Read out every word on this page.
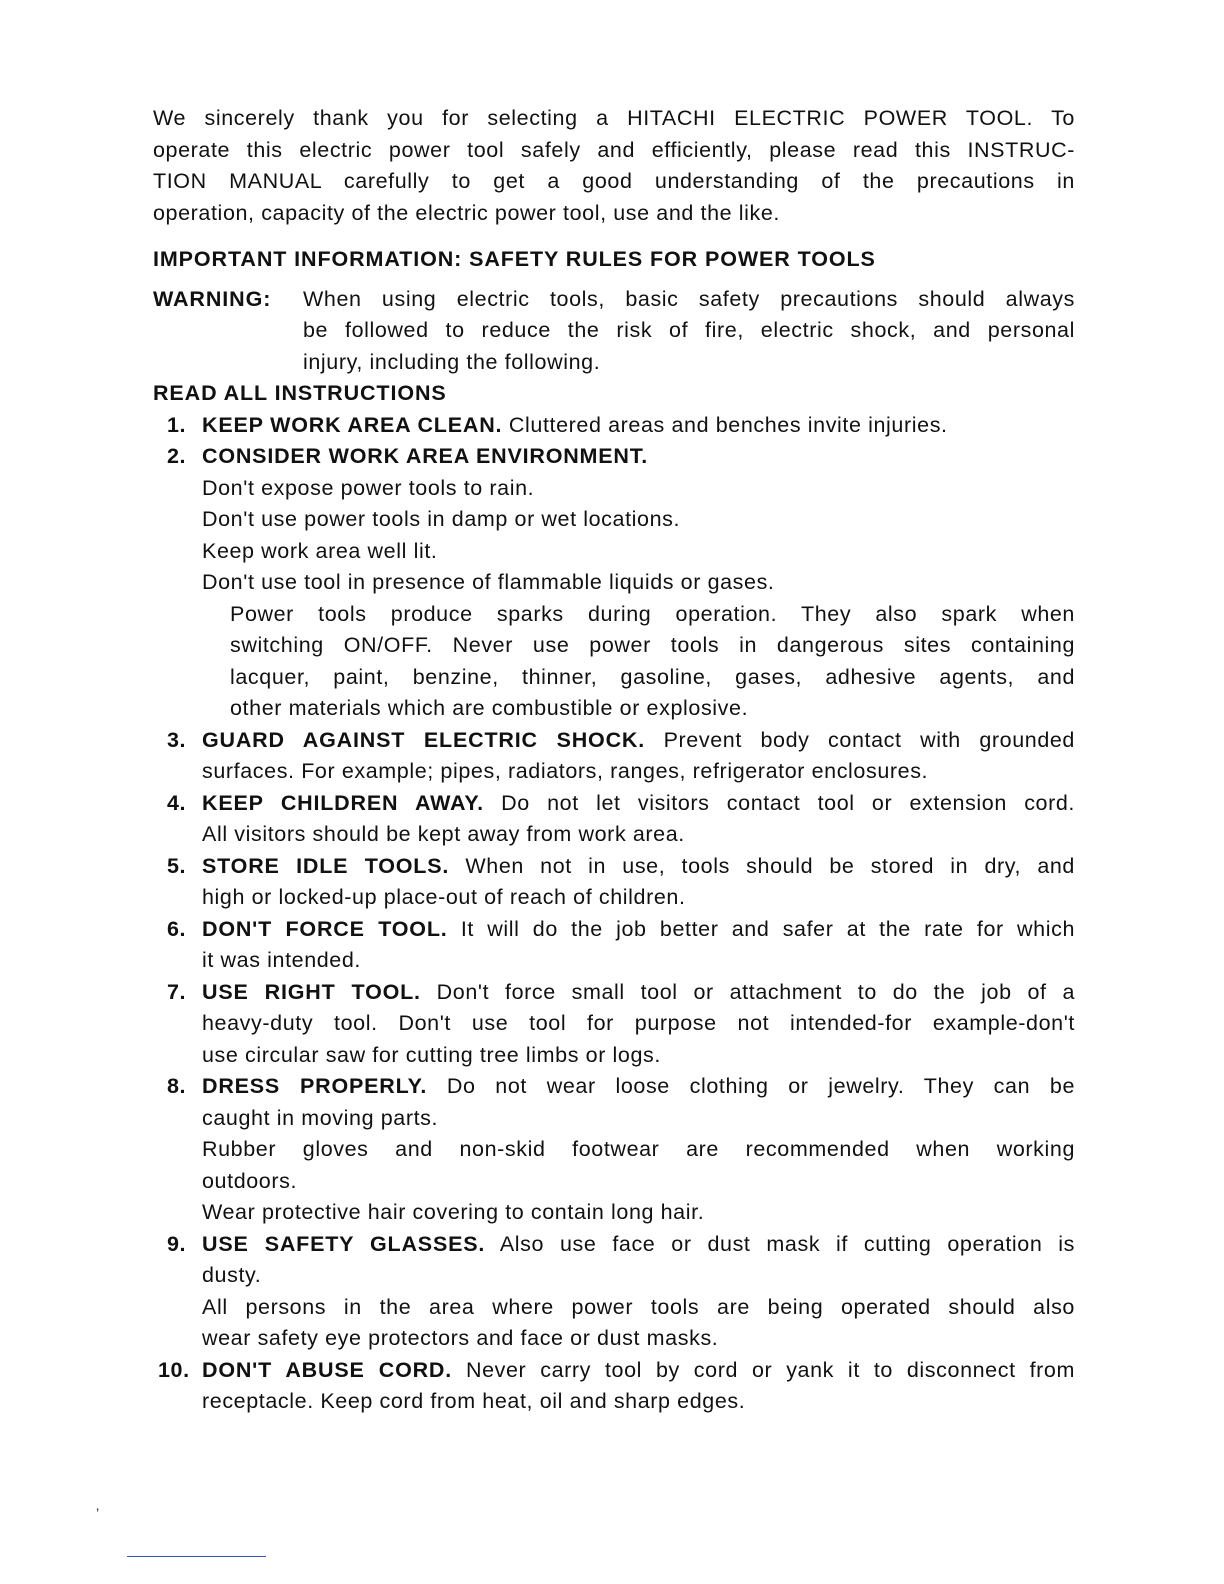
We sincerely thank you for selecting a HITACHI ELECTRIC POWER TOOL. To
operate this electric power tool safely and efficiently, please read this INSTRUC-
TION MANUAL carefully to get a good understanding of the precautions in
operation, capacity of the electric power tool, use and the like.
IMPORTANT INFORMATION: SAFETY RULES FOR POWER TOOLS
WARNING:	When using electric tools, basic safety precautions should always
be followed to reduce the risk of fire, electric shock, and personal
injury, including the following.
READ ALL INSTRUCTIONS
1. KEEP WORK AREA CLEAN. Cluttered areas and benches invite injuries.
2. CONSIDER WORK AREA ENVIRONMENT.
Don't expose power tools to rain.
Don't use power tools in damp or wet locations.
Keep work area well lit.
Don't use tool in presence of flammable liquids or gases.
Power tools produce sparks during operation. They also spark when
switching ON/OFF. Never use power tools in dangerous sites containing
lacquer, paint, benzine, thinner, gasoline, gases, adhesive agents, and
other materials which are combustible or explosive.
3. GUARD AGAINST ELECTRIC SHOCK. Prevent body contact with grounded
surfaces. For example; pipes, radiators, ranges, refrigerator enclosures.
4. KEEP CHILDREN AWAY. Do not let visitors contact tool or extension cord.
All visitors should be kept away from work area.
5. STORE IDLE TOOLS. When not in use, tools should be stored in dry, and
high or locked-up place-out of reach of children.
6. DON'T FORCE TOOL. It will do the job better and safer at the rate for which
it was intended.
7. USE RIGHT TOOL. Don't force small tool or attachment to do the job of a
heavy-duty tool. Don't use tool for purpose not intended-for example-don't
use circular saw for cutting tree limbs or logs.
8. DRESS PROPERLY. Do not wear loose clothing or jewelry. They can be
caught in moving parts.
Rubber gloves and non-skid footwear are recommended when working
outdoors.
Wear protective hair covering to contain long hair.
9. USE SAFETY GLASSES. Also use face or dust mask if cutting operation is
dusty.
All persons in the area where power tools are being operated should also
wear safety eye protectors and face or dust masks.
10. DON'T ABUSE CORD. Never carry tool by cord or yank it to disconnect from
receptacle. Keep cord from heat, oil and sharp edges.
’
